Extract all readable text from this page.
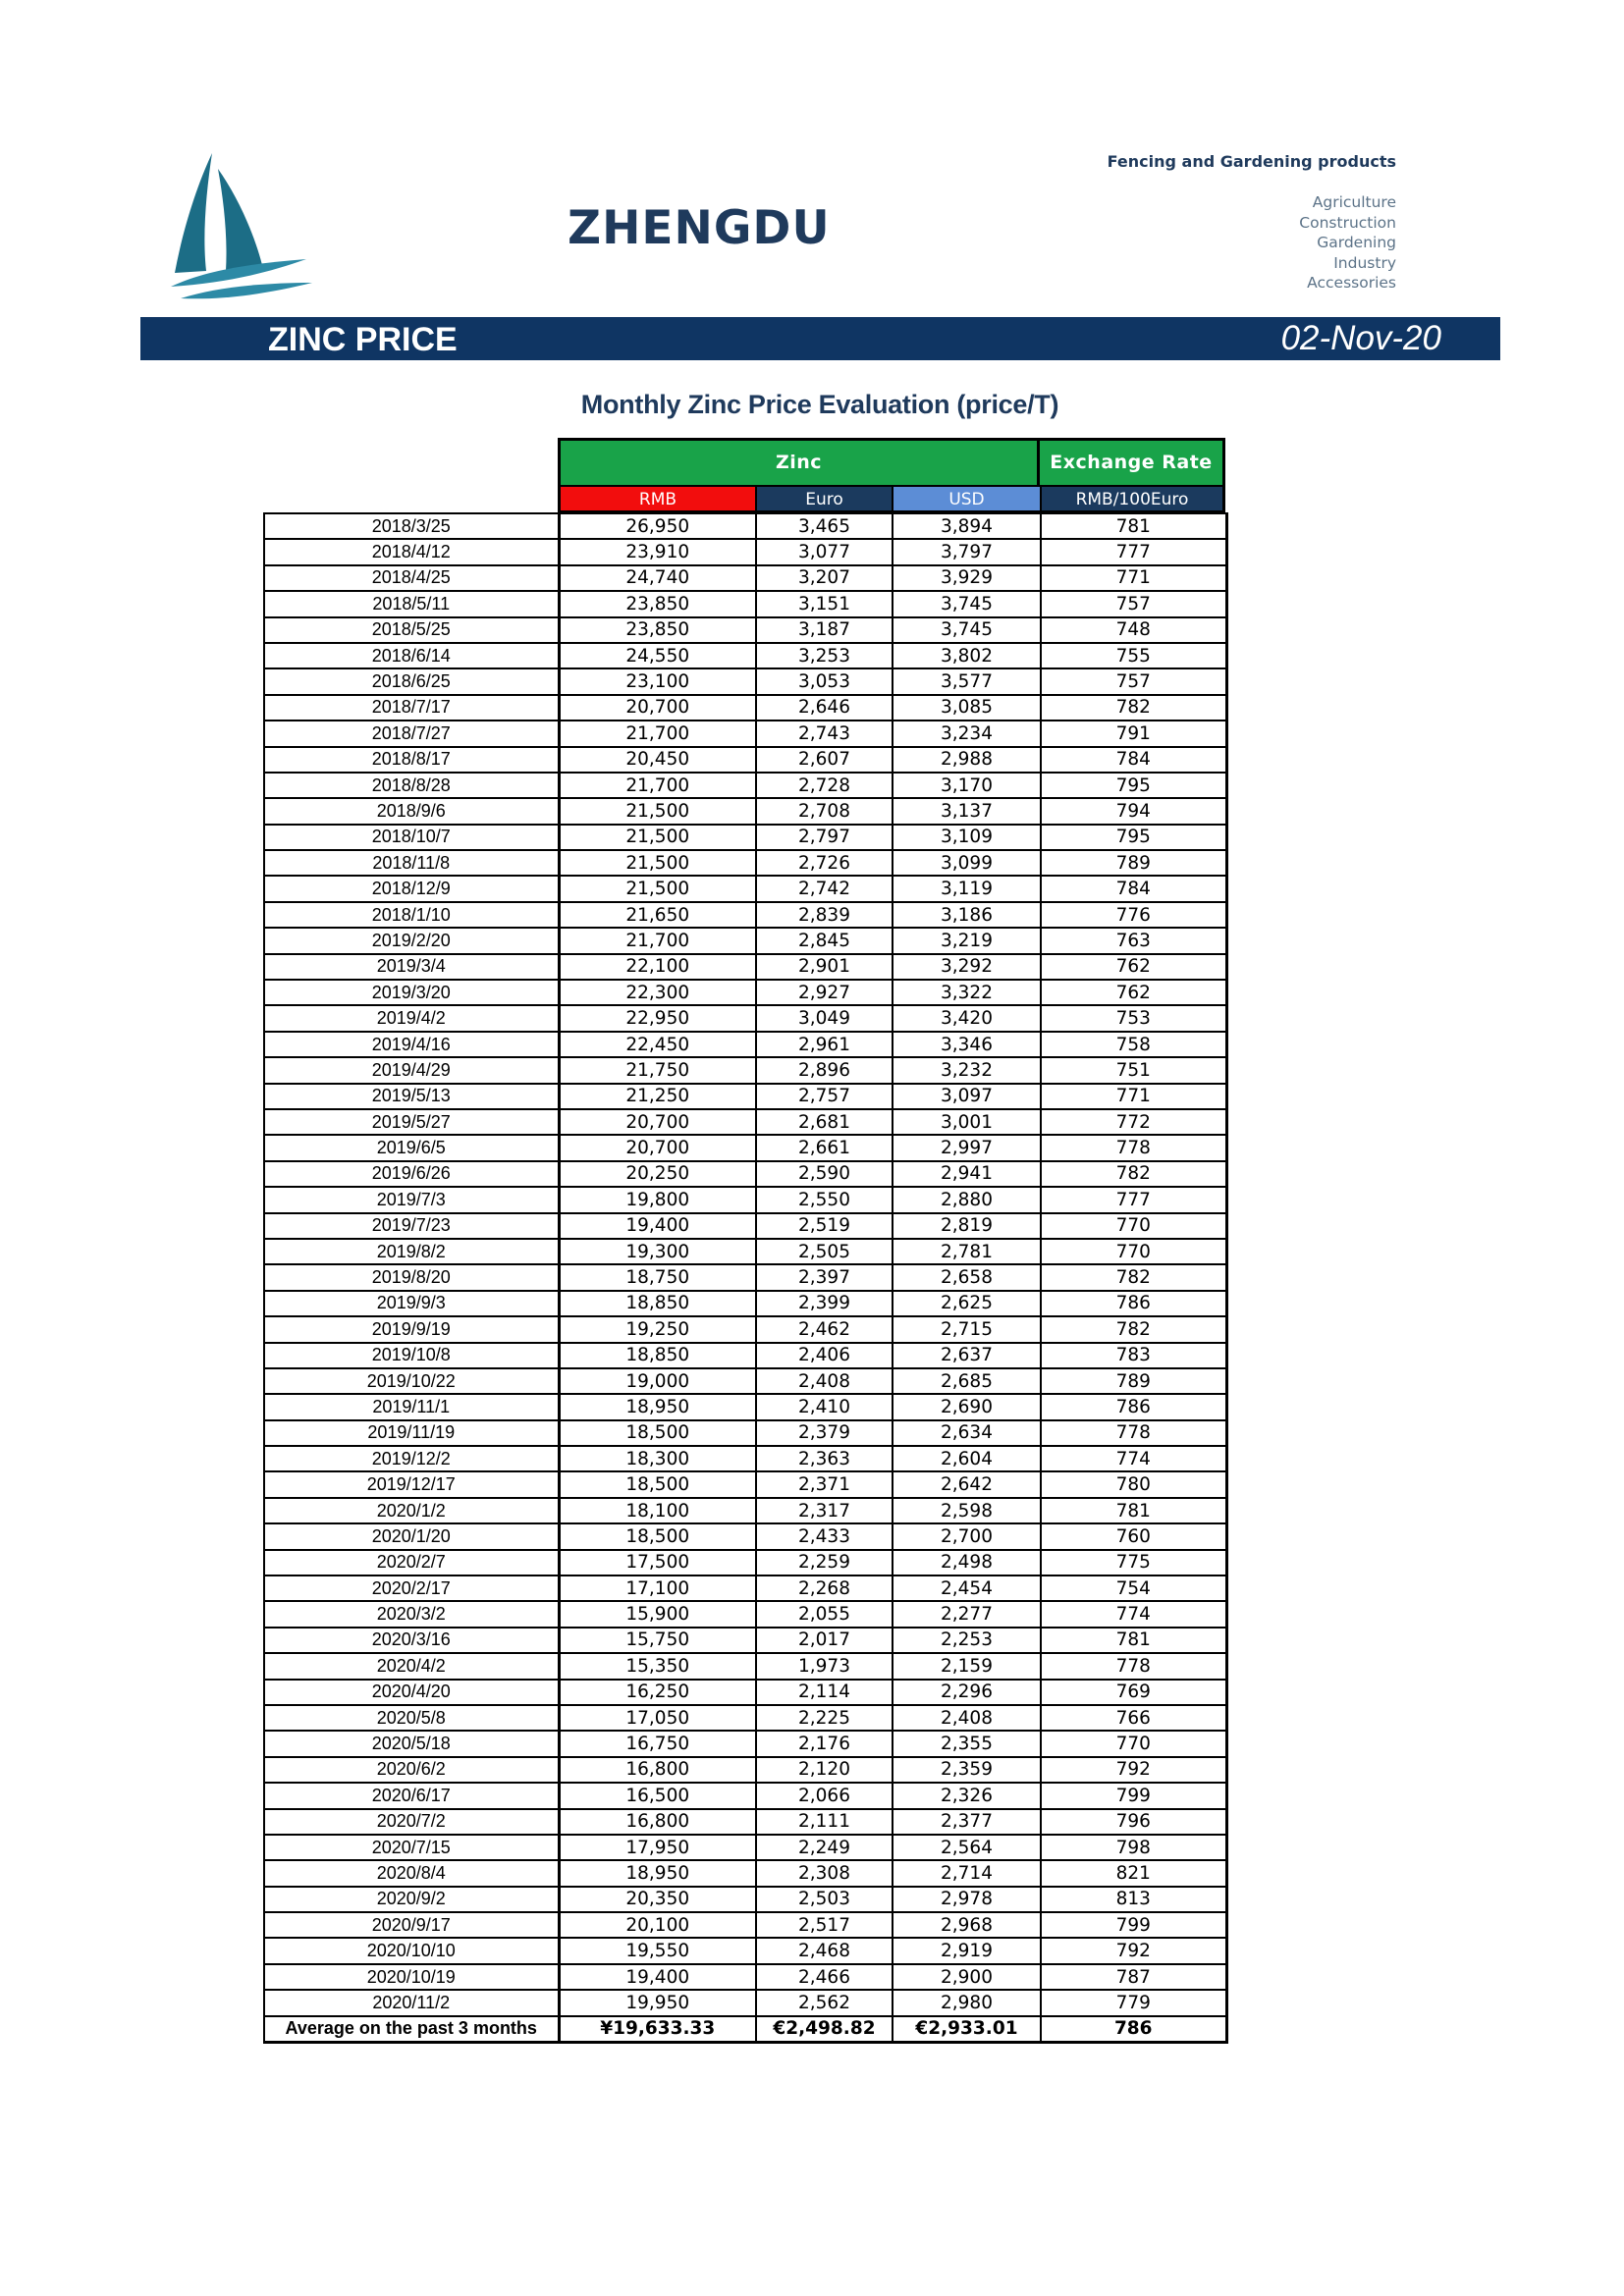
ZHENGDU
Fencing and Gardening products
Agriculture
Construction
Gardening
Industry
Accessories
ZINC PRICE	02-Nov-20
Monthly Zinc Price Evaluation (price/T)
Zinc	Exchange Rate
RMB	Euro	USD	RMB/100Euro
2018/3/25	26,950	3,465	3,894	781
2018/4/12	23,910	3,077	3,797	777
2018/4/25	24,740	3,207	3,929	771
2018/5/11	23,850	3,151	3,745	757
2018/5/25	23,850	3,187	3,745	748
2018/6/14	24,550	3,253	3,802	755
2018/6/25	23,100	3,053	3,577	757
2018/7/17	20,700	2,646	3,085	782
2018/7/27	21,700	2,743	3,234	791
2018/8/17	20,450	2,607	2,988	784
2018/8/28	21,700	2,728	3,170	795
2018/9/6	21,500	2,708	3,137	794
2018/10/7	21,500	2,797	3,109	795
2018/11/8	21,500	2,726	3,099	789
2018/12/9	21,500	2,742	3,119	784
2018/1/10	21,650	2,839	3,186	776
2019/2/20	21,700	2,845	3,219	763
2019/3/4	22,100	2,901	3,292	762
2019/3/20	22,300	2,927	3,322	762
2019/4/2	22,950	3,049	3,420	753
2019/4/16	22,450	2,961	3,346	758
2019/4/29	21,750	2,896	3,232	751
2019/5/13	21,250	2,757	3,097	771
2019/5/27	20,700	2,681	3,001	772
2019/6/5	20,700	2,661	2,997	778
2019/6/26	20,250	2,590	2,941	782
2019/7/3	19,800	2,550	2,880	777
2019/7/23	19,400	2,519	2,819	770
2019/8/2	19,300	2,505	2,781	770
2019/8/20	18,750	2,397	2,658	782
2019/9/3	18,850	2,399	2,625	786
2019/9/19	19,250	2,462	2,715	782
2019/10/8	18,850	2,406	2,637	783
2019/10/22	19,000	2,408	2,685	789
2019/11/1	18,950	2,410	2,690	786
2019/11/19	18,500	2,379	2,634	778
2019/12/2	18,300	2,363	2,604	774
2019/12/17	18,500	2,371	2,642	780
2020/1/2	18,100	2,317	2,598	781
2020/1/20	18,500	2,433	2,700	760
2020/2/7	17,500	2,259	2,498	775
2020/2/17	17,100	2,268	2,454	754
2020/3/2	15,900	2,055	2,277	774
2020/3/16	15,750	2,017	2,253	781
2020/4/2	15,350	1,973	2,159	778
2020/4/20	16,250	2,114	2,296	769
2020/5/8	17,050	2,225	2,408	766
2020/5/18	16,750	2,176	2,355	770
2020/6/2	16,800	2,120	2,359	792
2020/6/17	16,500	2,066	2,326	799
2020/7/2	16,800	2,111	2,377	796
2020/7/15	17,950	2,249	2,564	798
2020/8/4	18,950	2,308	2,714	821
2020/9/2	20,350	2,503	2,978	813
2020/9/17	20,100	2,517	2,968	799
2020/10/10	19,550	2,468	2,919	792
2020/10/19	19,400	2,466	2,900	787
2020/11/2	19,950	2,562	2,980	779
Average on the past 3 months	¥19,633.33	€2,498.82	€2,933.01	786
